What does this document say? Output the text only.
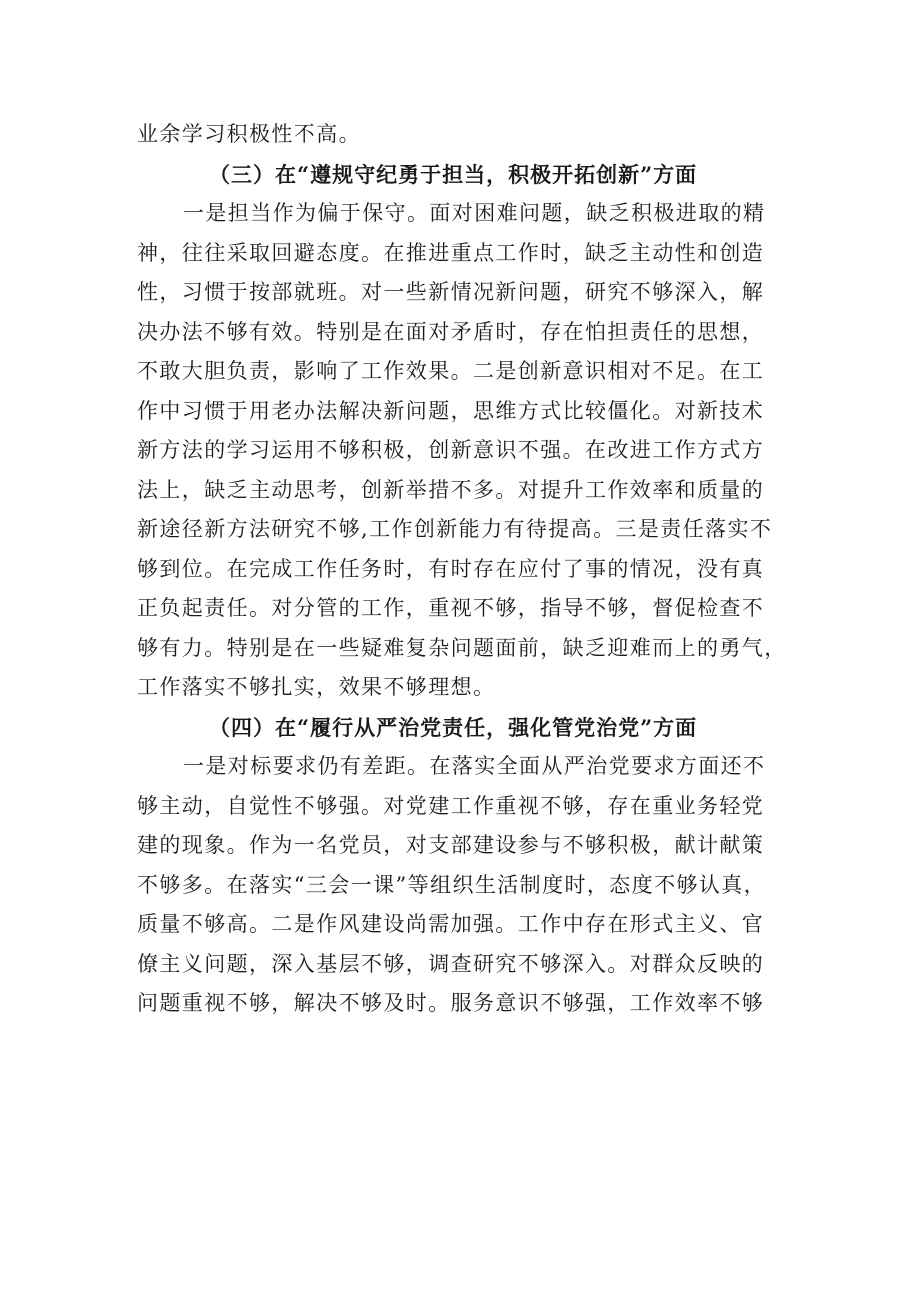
业余学习积极性不高。
（三）在“遵规守纪勇于担当，积极开拓创新”方面
一是担当作为偏于保守。面对困难问题，缺乏积极进取的精
神，往往采取回避态度。在推进重点工作时，缺乏主动性和创造
性，习惯于按部就班。对一些新情况新问题，研究不够深入，解
决办法不够有效。特别是在面对矛盾时，存在怕担责任的思想，
不敢大胆负责，影响了工作效果。二是创新意识相对不足。在工
作中习惯于用老办法解决新问题，思维方式比较僵化。对新技术
新方法的学习运用不够积极，创新意识不强。在改进工作方式方
法上，缺乏主动思考，创新举措不多。对提升工作效率和质量的
新途径新方法研究不够,工作创新能力有待提高。三是责任落实不
够到位。在完成工作任务时，有时存在应付了事的情况，没有真
正负起责任。对分管的工作，重视不够，指导不够，督促检查不
够有力。特别是在一些疑难复杂问题面前，缺乏迎难而上的勇气，
工作落实不够扎实，效果不够理想。
（四）在“履行从严治党责任，强化管党治党”方面
一是对标要求仍有差距。在落实全面从严治党要求方面还不
够主动，自觉性不够强。对党建工作重视不够，存在重业务轻党
建的现象。作为一名党员，对支部建设参与不够积极，献计献策
不够多。在落实“三会一课”等组织生活制度时，态度不够认真，
质量不够高。二是作风建设尚需加强。工作中存在形式主义、官
僚主义问题，深入基层不够，调查研究不够深入。对群众反映的
问题重视不够，解决不够及时。服务意识不够强，工作效率不够
